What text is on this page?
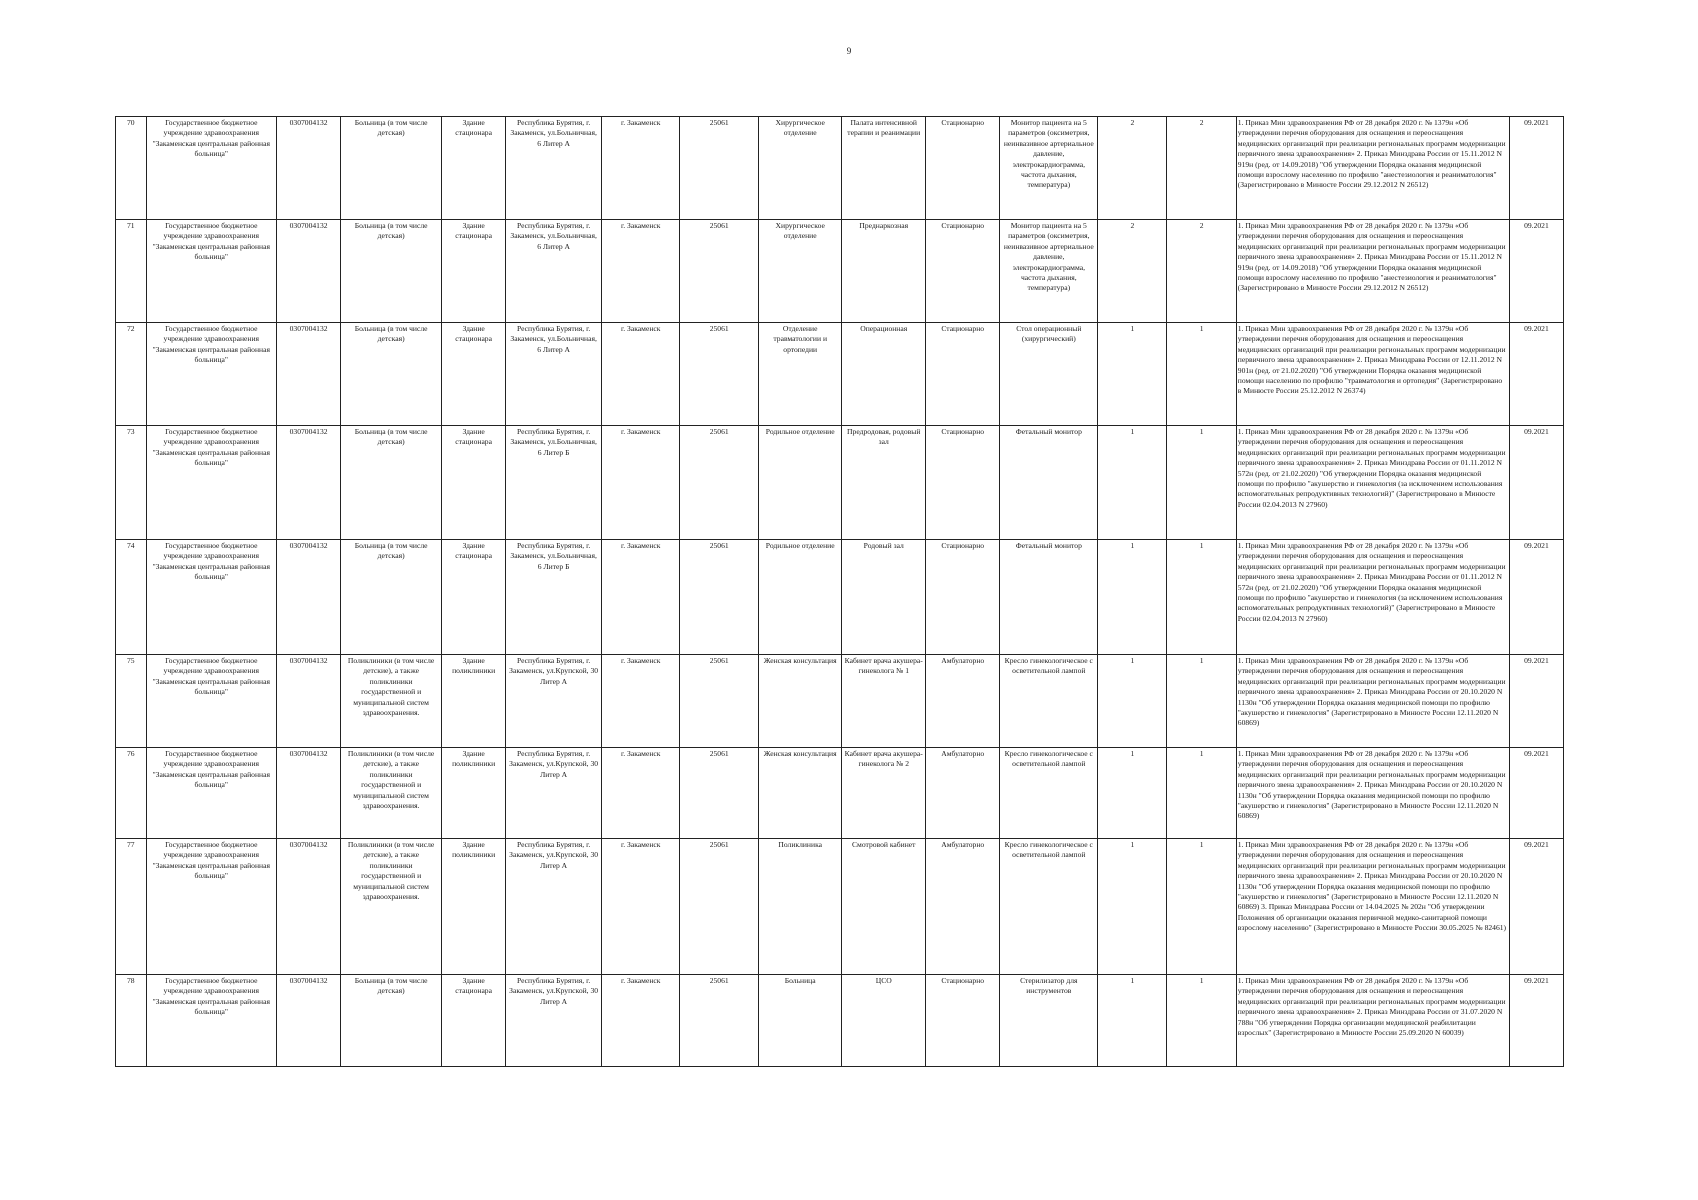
9
70	Государственное бюджетное учреждение здравоохранения "Закаменская центральная районная больница"	0307004132	Больница (в том числе детская)	Здание стационара	Республика Бурятия, г. Закаменск, ул.Больничная, 6 Литер А	г. Закаменск	25061	Хирургическое отделение	Палата интенсивной терапии и реанимации	Стационарно	Монитор пациента на 5 параметров (оксиметрия, неинвазивное артериальное давление, электрокардиограмма, частота дыхания, температура)	2	2	1. Приказ Мин здравоохранения РФ от 28 декабря 2020 г. № 1379н «Об утверждении перечня оборудования для оснащения и переоснащения медицинских организаций при реализации региональных программ модернизации первичного звена здравоохранения» 2. Приказ Минздрава России от 15.11.2012 N 919н (ред. от 14.09.2018) "Об утверждении Порядка оказания медицинской помощи взрослому населению по профилю "анестезиология и реаниматология" (Зарегистрировано в Минюсте России 29.12.2012 N 26512)	09.2021
71	Государственное бюджетное учреждение здравоохранения "Закаменская центральная районная больница"	0307004132	Больница (в том числе детская)	Здание стационара	Республика Бурятия, г. Закаменск, ул.Больничная, 6 Литер А	г. Закаменск	25061	Хирургическое отделение	Преднаркозная	Стационарно	Монитор пациента на 5 параметров (оксиметрия, неинвазивное артериальное давление, электрокардиограмма, частота дыхания, температура)	2	2	1. Приказ Мин здравоохранения РФ от 28 декабря 2020 г. № 1379н «Об утверждении перечня оборудования для оснащения и переоснащения медицинских организаций при реализации региональных программ модернизации первичного звена здравоохранения» 2. Приказ Минздрава России от 15.11.2012 N 919н (ред. от 14.09.2018) "Об утверждении Порядка оказания медицинской помощи взрослому населению по профилю "анестезиология и реаниматология" (Зарегистрировано в Минюсте России 29.12.2012 N 26512)	09.2021
72	Государственное бюджетное учреждение здравоохранения "Закаменская центральная районная больница"	0307004132	Больница (в том числе детская)	Здание стационара	Республика Бурятия, г. Закаменск, ул.Больничная, 6 Литер А	г. Закаменск	25061	Отделение травматологии и ортопедии	Операционная	Стационарно	Стол операционный (хирургический)	1	1	1. Приказ Мин здравоохранения РФ от 28 декабря 2020 г. № 1379н «Об утверждении перечня оборудования для оснащения и переоснащения медицинских организаций при реализации региональных программ модернизации первичного звена здравоохранения» 2. Приказ Минздрава России от 12.11.2012 N 901н (ред. от 21.02.2020) "Об утверждении Порядка оказания медицинской помощи населению по профилю "травматология и ортопедия" (Зарегистрировано в Минюсте России 25.12.2012 N 26374)	09.2021
73	Государственное бюджетное учреждение здравоохранения "Закаменская центральная районная больница"	0307004132	Больница (в том числе детская)	Здание стационара	Республика Бурятия, г. Закаменск, ул.Больничная, 6 Литер Б	г. Закаменск	25061	Родильное отделение	Предродовая, родовый зал	Стационарно	Фетальный монитор	1	1	1. Приказ Мин здравоохранения РФ от 28 декабря 2020 г. № 1379н «Об утверждении перечня оборудования для оснащения и переоснащения медицинских организаций при реализации региональных программ модернизации первичного звена здравоохранения» 2. Приказ Минздрава России от 01.11.2012 N 572н (ред. от 21.02.2020) "Об утверждении Порядка оказания медицинской помощи по профилю "акушерство и гинекология (за исключением использования вспомогательных репродуктивных технологий)" (Зарегистрировано в Минюсте России 02.04.2013 N 27960)	09.2021
74	Государственное бюджетное учреждение здравоохранения "Закаменская центральная районная больница"	0307004132	Больница (в том числе детская)	Здание стационара	Республика Бурятия, г. Закаменск, ул.Больничная, 6 Литер Б	г. Закаменск	25061	Родильное отделение	Родовый зал	Стационарно	Фетальный монитор	1	1	1. Приказ Мин здравоохранения РФ от 28 декабря 2020 г. № 1379н «Об утверждении перечня оборудования для оснащения и переоснащения медицинских организаций при реализации региональных программ модернизации первичного звена здравоохранения» 2. Приказ Минздрава России от 01.11.2012 N 572н (ред. от 21.02.2020) "Об утверждении Порядка оказания медицинской помощи по профилю "акушерство и гинекология (за исключением использования вспомогательных репродуктивных технологий)" (Зарегистрировано в Минюсте России 02.04.2013 N 27960)	09.2021
75	Государственное бюджетное учреждение здравоохранения "Закаменская центральная районная больница"	0307004132	Поликлиники (в том числе детские), а также поликлиники государственной и муниципальной систем здравоохранения.	Здание поликлиники	Республика Бурятия, г. Закаменск, ул.Крупской, 30 Литер А	г. Закаменск	25061	Женская консультация	Кабинет врача акушера-гинеколога № 1	Амбулаторно	Кресло гинекологическое с осветительной лампой	1	1	1. Приказ Мин здравоохранения РФ от 28 декабря 2020 г. № 1379н «Об утверждении перечня оборудования для оснащения и переоснащения медицинских организаций при реализации региональных программ модернизации первичного звена здравоохранения» 2. Приказ Минздрава России от 20.10.2020 N 1130н "Об утверждении Порядка оказания медицинской помощи по профилю "акушерство и гинекология" (Зарегистрировано в Минюсте России 12.11.2020 N 60869)	09.2021
76	Государственное бюджетное учреждение здравоохранения "Закаменская центральная районная больница"	0307004132	Поликлиники (в том числе детские), а также поликлиники государственной и муниципальной систем здравоохранения.	Здание поликлиники	Республика Бурятия, г. Закаменск, ул.Крупской, 30 Литер А	г. Закаменск	25061	Женская консультация	Кабинет врача акушера-гинеколога № 2	Амбулаторно	Кресло гинекологическое с осветительной лампой	1	1	1. Приказ Мин здравоохранения РФ от 28 декабря 2020 г. № 1379н «Об утверждении перечня оборудования для оснащения и переоснащения медицинских организаций при реализации региональных программ модернизации первичного звена здравоохранения» 2. Приказ Минздрава России от 20.10.2020 N 1130н "Об утверждении Порядка оказания медицинской помощи по профилю "акушерство и гинекология" (Зарегистрировано в Минюсте России 12.11.2020 N 60869)	09.2021
77	Государственное бюджетное учреждение здравоохранения "Закаменская центральная районная больница"	0307004132	Поликлиники (в том числе детские), а также поликлиники государственной и муниципальной систем здравоохранения.	Здание поликлиники	Республика Бурятия, г. Закаменск, ул.Крупской, 30 Литер А	г. Закаменск	25061	Поликлиника	Смотровой кабинет	Амбулаторно	Кресло гинекологическое с осветительной лампой	1	1	1. Приказ Мин здравоохранения РФ от 28 декабря 2020 г. № 1379н «Об утверждении перечня оборудования для оснащения и переоснащения медицинских организаций при реализации региональных программ модернизации первичного звена здравоохранения» 2. Приказ Минздрава России от 20.10.2020 N 1130н "Об утверждении Порядка оказания медицинской помощи по профилю "акушерство и гинекология" (Зарегистрировано в Минюсте России 12.11.2020 N 60869) 3. Приказ Минздрава России от 14.04.2025 № 202н "Об утверждении Положения об организации оказания первичной медико-санитарной помощи взрослому населению" (Зарегистрировано в Минюсте России 30.05.2025 № 82461)	09.2021
78	Государственное бюджетное учреждение здравоохранения "Закаменская центральная районная больница"	0307004132	Больница (в том числе детская)	Здание стационара	Республика Бурятия, г. Закаменск, ул.Крупской, 30 Литер А	г. Закаменск	25061	Больница	ЦСО	Стационарно	Стерилизатор для инструментов	1	1	1. Приказ Мин здравоохранения РФ от 28 декабря 2020 г. № 1379н «Об утверждении перечня оборудования для оснащения и переоснащения медицинских организаций при реализации региональных программ модернизации первичного звена здравоохранения» 2. Приказ Минздрава России от 31.07.2020 N 788н "Об утверждении Порядка организации медицинской реабилитации взрослых" (Зарегистрировано в Минюсте России 25.09.2020 N 60039)	09.2021
